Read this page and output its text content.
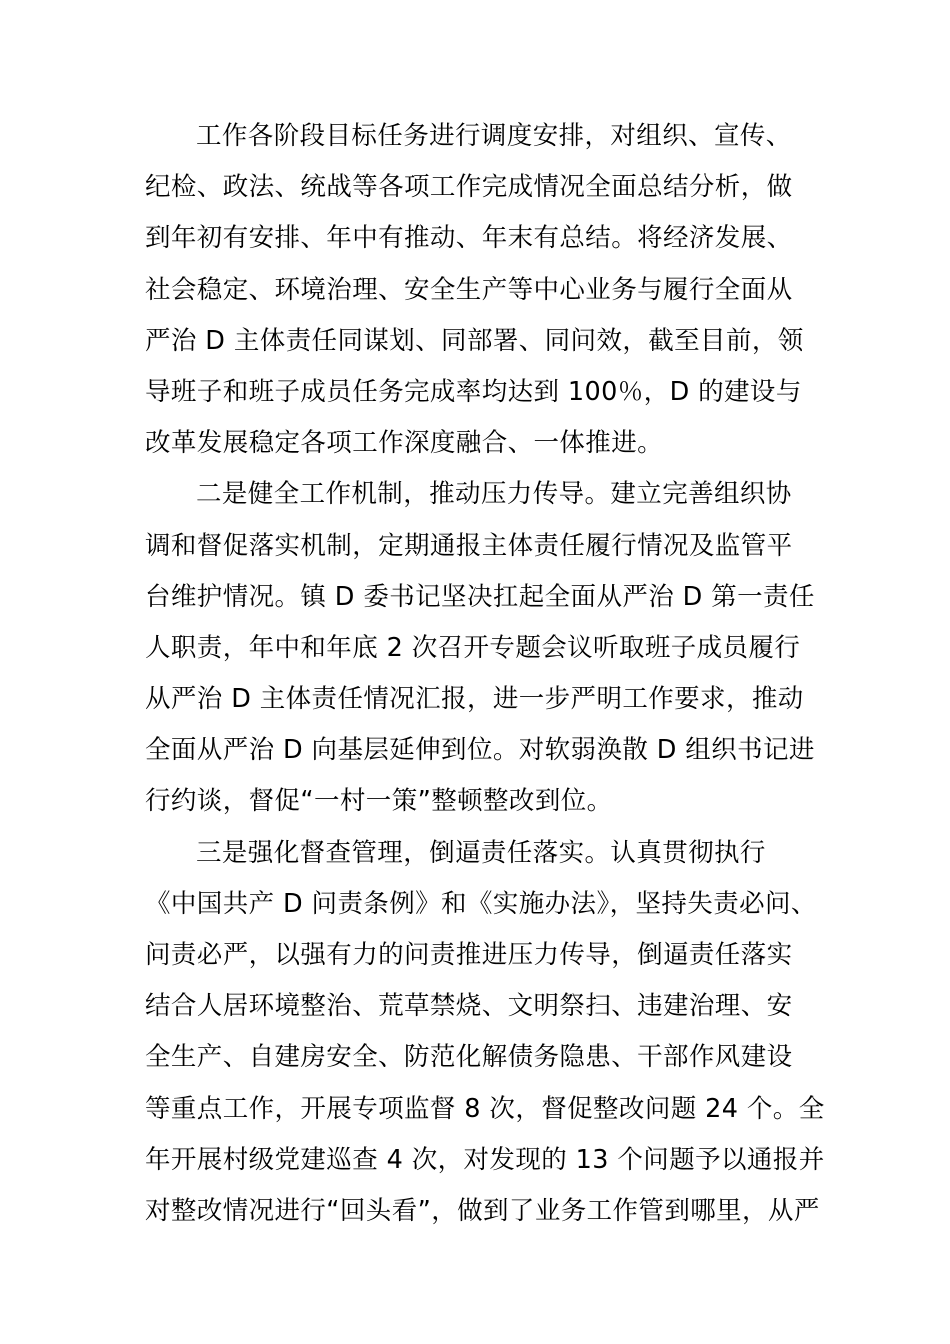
工作各阶段目标任务进行调度安排，对组织、宣传、
纪检、政法、统战等各项工作完成情况全面总结分析，做
到年初有安排、年中有推动、年末有总结。将经济发展、
社会稳定、环境治理、安全生产等中心业务与履行全面从
严治 D 主体责任同谋划、同部署、同问效，截至目前，领
导班子和班子成员任务完成率均达到 100％，D 的建设与
改革发展稳定各项工作深度融合、一体推进。
二是健全工作机制，推动压力传导。建立完善组织协
调和督促落实机制，定期通报主体责任履行情况及监管平
台维护情况。镇 D 委书记坚决扛起全面从严治 D 第一责任
人职责，年中和年底 2 次召开专题会议听取班子成员履行
从严治 D 主体责任情况汇报，进一步严明工作要求，推动
全面从严治 D 向基层延伸到位。对软弱涣散 D 组织书记进
行约谈，督促“一村一策”整顿整改到位。
三是强化督查管理，倒逼责任落实。认真贯彻执行
《中国共产 D 问责条例》和《实施办法》，坚持失责必问、
问责必严，以强有力的问责推进压力传导，倒逼责任落实
结合人居环境整治、荒草禁烧、文明祭扫、违建治理、安
全生产、自建房安全、防范化解债务隐患、干部作风建设
等重点工作，开展专项监督 8 次，督促整改问题 24 个。全
年开展村级党建巡查 4 次，对发现的 13 个问题予以通报并
对整改情况进行“回头看”，做到了业务工作管到哪里，从严
